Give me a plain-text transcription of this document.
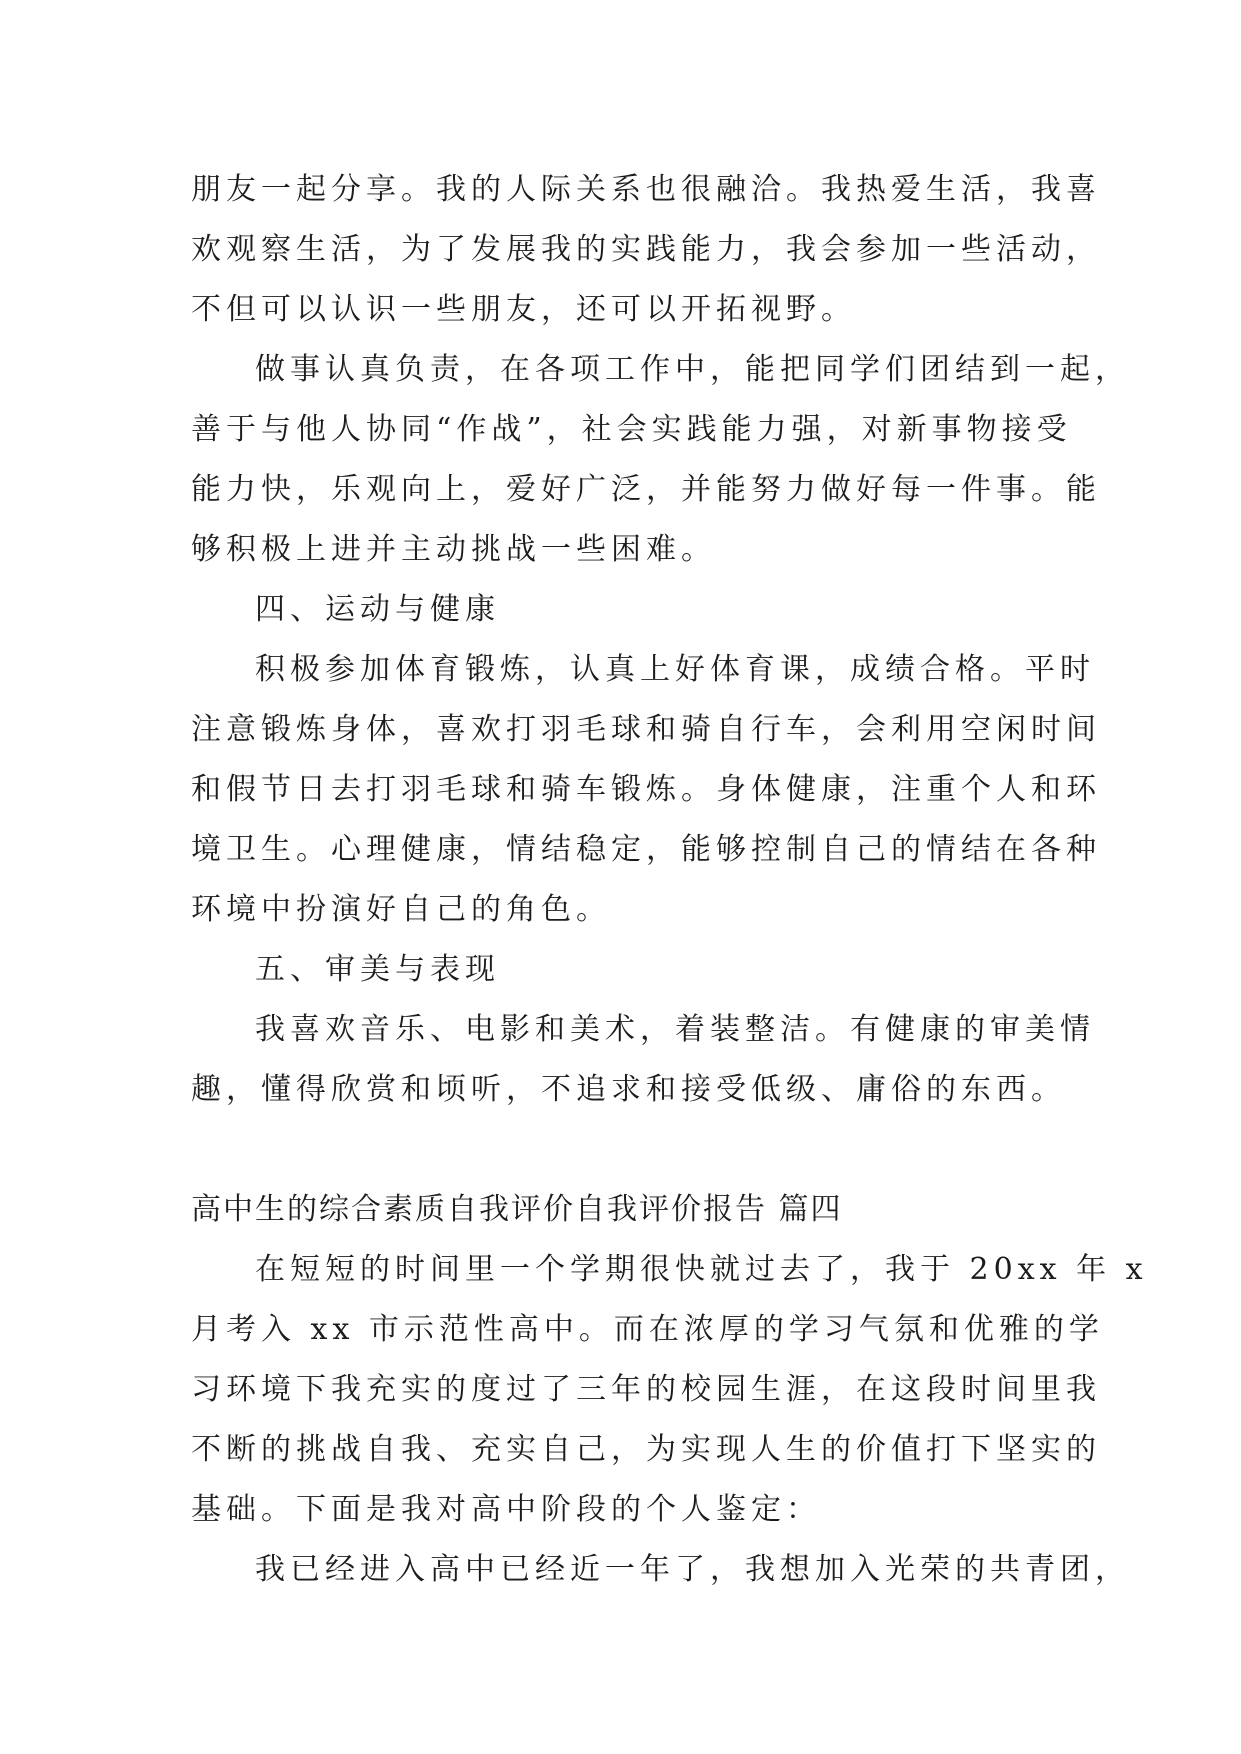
朋友一起分享。我的人际关系也很融洽。我热爱生活，我喜
欢观察生活，为了发展我的实践能力，我会参加一些活动，
不但可以认识一些朋友，还可以开拓视野。

做事认真负责，在各项工作中，能把同学们团结到一起，
善于与他人协同“作战”，社会实践能力强，对新事物接受
能力快，乐观向上，爱好广泛，并能努力做好每一件事。能
够积极上进并主动挑战一些困难。

四、运动与健康

积极参加体育锻炼，认真上好体育课，成绩合格。平时
注意锻炼身体，喜欢打羽毛球和骑自行车，会利用空闲时间
和假节日去打羽毛球和骑车锻炼。身体健康，注重个人和环
境卫生。心理健康，情结稳定，能够控制自己的情结在各种
环境中扮演好自己的角色。

五、审美与表现

我喜欢音乐、电影和美术，着装整洁。有健康的审美情
趣，懂得欣赏和顷听，不追求和接受低级、庸俗的东西。

高中生的综合素质自我评价自我评价报告 篇四

在短短的时间里一个学期很快就过去了，我于 20xx 年 x
月考入 xx 市示范性高中。而在浓厚的学习气氛和优雅的学
习环境下我充实的度过了三年的校园生涯，在这段时间里我
不断的挑战自我、充实自己，为实现人生的价值打下坚实的
基础。下面是我对高中阶段的个人鉴定：

我已经进入高中已经近一年了，我想加入光荣的共青团，
